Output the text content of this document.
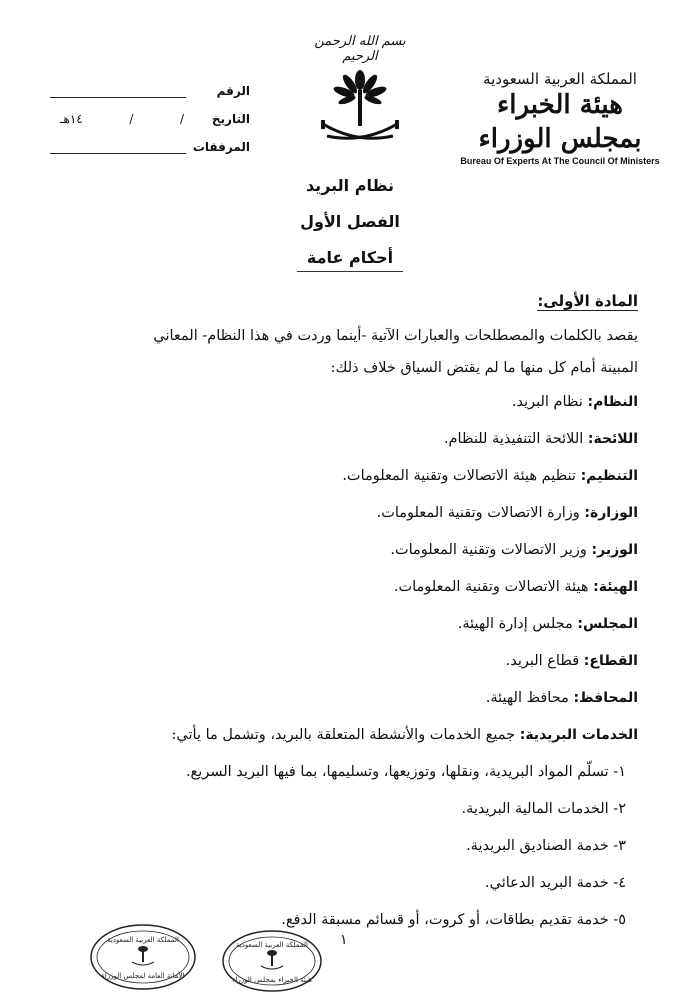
المملكة العربية السعودية
هيئة الخبراء بمجلس الوزراء
Bureau Of Experts At The Council Of Ministers
بسم الله الرحمن الرحيم
الرقم
التاريخ
/
/
١٤هـ
المرفقات
نظام البريد
الفصل الأول
أحكام عامة
المادة الأولى:
يقصد بالكلمات والمصطلحات والعبارات الآتية -أينما وردت في هذا النظام- المعاني
المبينة أمام كل منها ما لم يقتض السياق خلاف ذلك:
النظام: نظام البريد.
اللائحة: اللائحة التنفيذية للنظام.
التنظيم: تنظيم هيئة الاتصالات وتقنية المعلومات.
الوزارة: وزارة الاتصالات وتقنية المعلومات.
الوزير: وزير الاتصالات وتقنية المعلومات.
الهيئة: هيئة الاتصالات وتقنية المعلومات.
المجلس: مجلس إدارة الهيئة.
القطاع: قطاع البريد.
المحافظ: محافظ الهيئة.
الخدمات البريدية: جميع الخدمات والأنشطة المتعلقة بالبريد، وتشمل ما يأتي:
١- تسلّم المواد البريدية، ونقلها، وتوزيعها، وتسليمها، بما فيها البريد السريع.
٢- الخدمات المالية البريدية.
٣- خدمة الصناديق البريدية.
٤- خدمة البريد الدعائي.
٥- خدمة تقديم بطاقات، أو كروت، أو قسائم مسبقة الدفع.
١
المملكة العربية السعودية
الأمانة العامة لمجلس الوزراء
المملكة العربية السعودية
هيئة الخبراء بمجلس الوزراء
